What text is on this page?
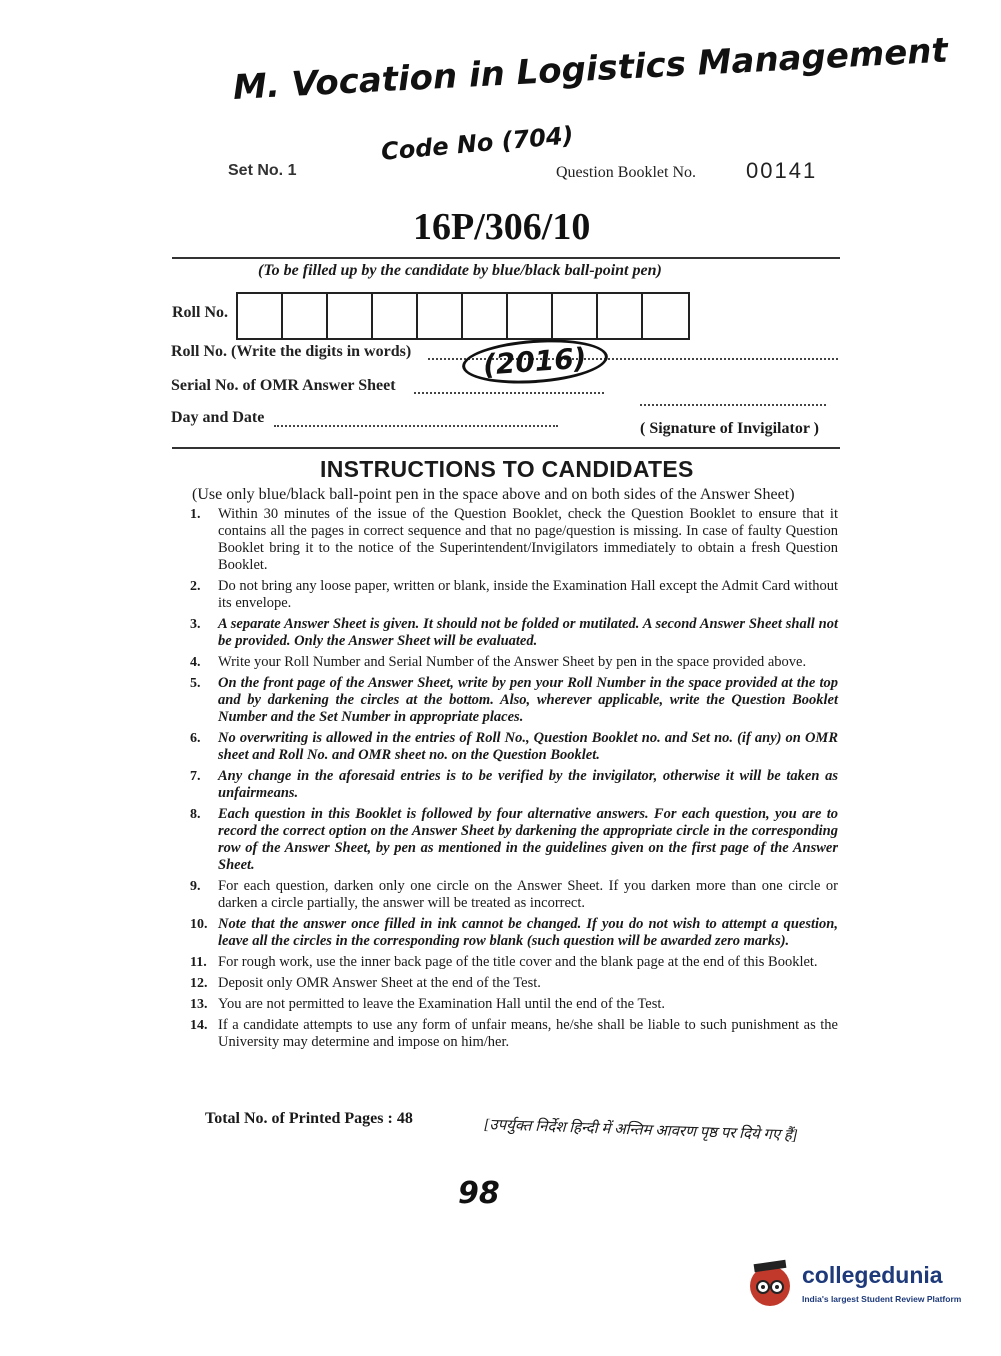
M. Vocation in Logistics Management
Code No (704)
Set No. 1	Question Booklet No. 00141
16P/306/10
(To be filled up by the candidate by blue/black ball-point pen)
Roll No.
Roll No. (Write the digits in words)	(2016)
Serial No. of OMR Answer Sheet
Day and Date
( Signature of Invigilator )
INSTRUCTIONS TO CANDIDATES
(Use only blue/black ball-point pen in the space above and on both sides of the Answer Sheet)
1.	Within 30 minutes of the issue of the Question Booklet, check the Question Booklet to ensure that it contains all the pages in correct sequence and that no page/question is missing. In case of faulty Question Booklet bring it to the notice of the Superintendent/Invigilators immediately to obtain a fresh Question Booklet.
2.	Do not bring any loose paper, written or blank, inside the Examination Hall except the Admit Card without its envelope.
3.	A separate Answer Sheet is given. It should not be folded or mutilated. A second Answer Sheet shall not be provided. Only the Answer Sheet will be evaluated.
4.	Write your Roll Number and Serial Number of the Answer Sheet by pen in the space provided above.
5.	On the front page of the Answer Sheet, write by pen your Roll Number in the space provided at the top and by darkening the circles at the bottom. Also, wherever applicable, write the Question Booklet Number and the Set Number in appropriate places.
6.	No overwriting is allowed in the entries of Roll No., Question Booklet no. and Set no. (if any) on OMR sheet and Roll No. and OMR sheet no. on the Question Booklet.
7.	Any change in the aforesaid entries is to be verified by the invigilator, otherwise it will be taken as unfairmeans.
8.	Each question in this Booklet is followed by four alternative answers. For each question, you are to record the correct option on the Answer Sheet by darkening the appropriate circle in the corresponding row of the Answer Sheet, by pen as mentioned in the guidelines given on the first page of the Answer Sheet.
9.	For each question, darken only one circle on the Answer Sheet. If you darken more than one circle or darken a circle partially, the answer will be treated as incorrect.
10. Note that the answer once filled in ink cannot be changed. If you do not wish to attempt a question, leave all the circles in the corresponding row blank (such question will be awarded zero marks).
11. For rough work, use the inner back page of the title cover and the blank page at the end of this Booklet.
12. Deposit only OMR Answer Sheet at the end of the Test.
13. You are not permitted to leave the Examination Hall until the end of the Test.
14. If a candidate attempts to use any form of unfair means, he/she shall be liable to such punishment as the University may determine and impose on him/her.
Total No. of Printed Pages : 48	[उपर्युक्त निर्देश हिन्दी में अन्तिम आवरण पृष्ठ पर दिये गए हैं]
98
collegedunia
India's largest Student Review Platform
